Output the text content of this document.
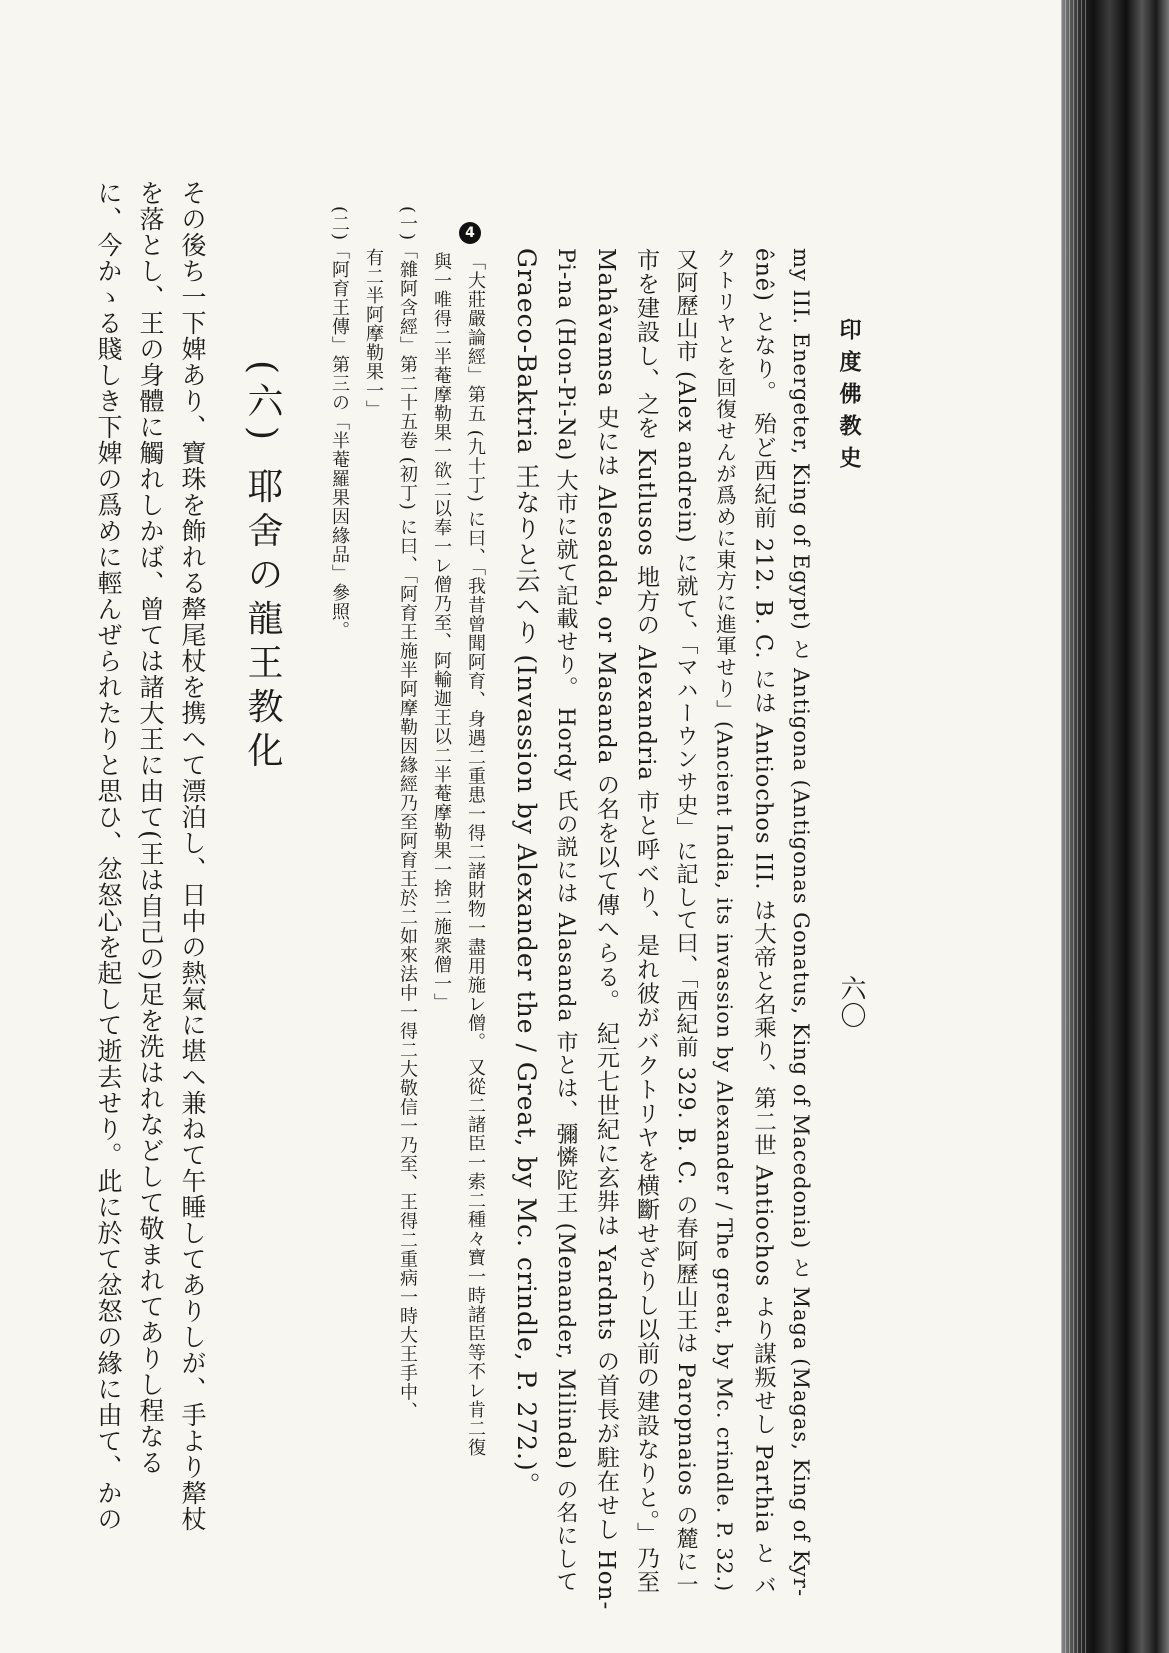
印度佛教史
六〇
my III. Energeter, King of Egypt) と Antigona (Antigonas Gonatus, King of Macedonia) と Maga (Magas, King of Kyr-
ênê) となり。 殆ど西紀前 212. B. C. には Antiochos III. は大帝と名乘り、第二世 Antiochos より謀叛せし Parthia と バ
クトリヤとを回復せんが爲めに東方に進軍せり」(Ancient India, its invassion by Alexander / The great, by Mc. crindle. P. 32.)
又阿歷山市 (Alex andrein) に就て、「マハーウンサ史」に記して曰、「西紀前 329. B. C. の春阿歷山王は Paropnaios の麓に一
市を建設し、之を Kutlusos 地方の Alexandria 市と呼べり、是れ彼がバクトリヤを横斷せざりし以前の建設なりと。」乃至
Mahâvamsa 史には Alesadda, or Masanda の名を以て傳へらる。 紀元七世紀に玄弉は Yardnts の首長が駐在せし Hon-
Pi-na (Hon-Pi-Na) 大市に就て記載せり。 Hordy 氏の説には Alasanda 市とは、彌憐陀王 (Menander, Milinda) の名にして
Graeco-Baktria 王なりと云へり (Invassion by Alexander the / Great, by Mc. crindle, P. 272.)。
4
「大莊嚴論經」第五 (九十丁) に曰、「我昔曾聞阿育、身遇二重患一得二諸財物一盡用施レ僧。 又從二諸臣一索二種々寶一時諸臣等不レ肯二復
與一唯得二半菴摩勒果一欲二以奉一レ僧乃至、阿輸迦王以二半菴摩勒果一捨二施衆僧一」
(一)「雜阿含經」第二十五卷 (初丁) に曰、「阿育王施半阿摩勒因緣經乃至阿育王於二如來法中一得二大敬信一乃至、王得二重病一時大王手中、
有二半阿摩勒果一」
(二)「阿育王傳」第三の「半菴羅果因緣品」參照。
(六) 耶舍の龍王教化
その後ち一下婢あり、寶珠を飾れる犛尾杖を携へて漂泊し、日中の熱氣に堪へ兼ねて午睡してありしが、手より犛杖
を落とし、王の身體に觸れしかば、曾ては諸大王に由て(王は自己の)足を洗はれなどして敬まれてありし程なる
に、今かゝる賤しき下婢の爲めに輕んぜられたりと思ひ、忿怒心を起して逝去せり。此に於て忿怒の緣に由て、かの
